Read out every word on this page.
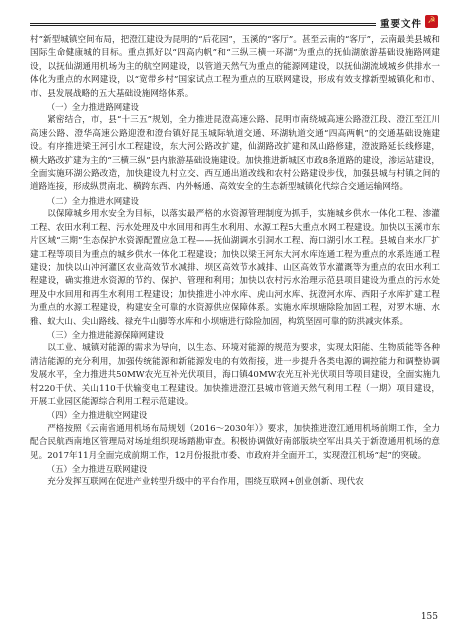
重要文件 ☭

村”新型城镇空间布局，把澄江建设为昆明的“后花园”，玉溪的“客厅”。甚至云南的“客厅”，云南最美县城和国际生命健康城的目标。重点抓好以“四高内帆”和“三纵三横一环湖”为重点的抚仙湖旅游基础设施路网建设，以抚仙湖通用机场为主的航空网建设，以管道天然气为重点的能源网建设，以抚仙湖流域城乡供排水一体化为重点的水网建设，以“宽带乡村”国家试点工程为重点的互联网建设，形成有效支撑新型城镇化和市、市、县发展战略的五大基础设施网络体系。

（一）全力推进路网建设

紧密结合，市，县“十三五”规划，全力推进昆澄高速公路、昆明市南绕城高速公路澄江段、澄江至江川高速公路、澄华高速公路迎澄和澄台镇好昆玉城际轨道交通、环湖轨道交通“四高两帆”的交通基础设施建设。有序推进梁王河引水工程建设，东大河公路改扩建，仙湖路改扩建和凤山路修建，澄波路延长线修建，横大路改扩建为主的“三横三纵”县内旅游基础设施建设。加快推进新城区市政8条道路的建设，渗运站建设，全面实施环湖公路改造，加快建设九村立交、西互通出道改线和农村公路建设步伐，加强县城与村镇之间的道路连接，形成纵贯南北、横跨东西、内外畅通、高效安全的生态新型城镇化代综合交通运输网络。

（二）全力推进水网建设

以保障城乡用水安全为目标，以落实最严格的水资源管理制度为抓手，实施城乡供水一体化工程、渗灌工程、农田水利工程、污水处理及中水回用和再生水利用、水源工程5大重点水网工程建设。加快以玉溪市东片区域“三期”生态保护水资源配置应急工程——抚仙湖调水引洞水工程、海口湖引水工程。县城自来水厂扩建工程等项目为重点的城乡供水一体化工程建设；加快以梁王河东大河水库连通工程为重点的水系连通工程建设；加快以山冲河灌区农业高效节水减排、坝区高效节水减排、山区高效节水灌溉等为重点的农田水利工程建设，确实推进水资源的节约、保护、管理和利用；加快以农村污水治理示范县项目建设为重点的污水处理及中水回用和再生水利用工程建设；加快推进小冲水库、虎山河水库、抚澄河水库、西阳子水库扩建工程为重点的水源工程建设，构建安全可靠的水资源供应保障体系。实施水库坝塘除险加固工程，对罗木塘、水雅、蚁大山、尖山路线、禄充牛山脚等水库和小坝塘进行除险加固，构筑坚固可靠的防洪减灾体系。

（三）全力推进能源保障网建设

以工业、城镇对能源的需求为导向，以生态、环境对能源的规范为要求，实现太阳能、生物质能等各种清洁能源的充分利用，加强传统能源和新能源发电的有效衔接，进一步提升各类电源的调控能力和调整协调发展水平，全力推进共50MW农光互补光伏项目，海口镇40MW农光互补光伏项目等项目建设，全面实施九村220千伏、关山110千伏输变电工程建设。加快推进澄江县城市管道天然气利用工程（一期）项目建设，开展工业园区能源综合利用工程示范建设。

（四）全力推进航空网建设

严格按照《云南省通用机场布局规划（2016～2030年）》要求，加快推进澄江通用机场前期工作，全力配合民航西南地区管理局对场址组织现场踏勘审查。积极协调做好南部版块空军出具关于新澄通用机场的意见。2017年11月全面完成前期工作，12月份报批市委、市政府并全面开工，实现澄江机场“起”的突破。

（五）全力推进互联网建设

充分发挥互联网在促进产业转型升级中的平台作用，围绕互联网+创业创新、现代农

155
